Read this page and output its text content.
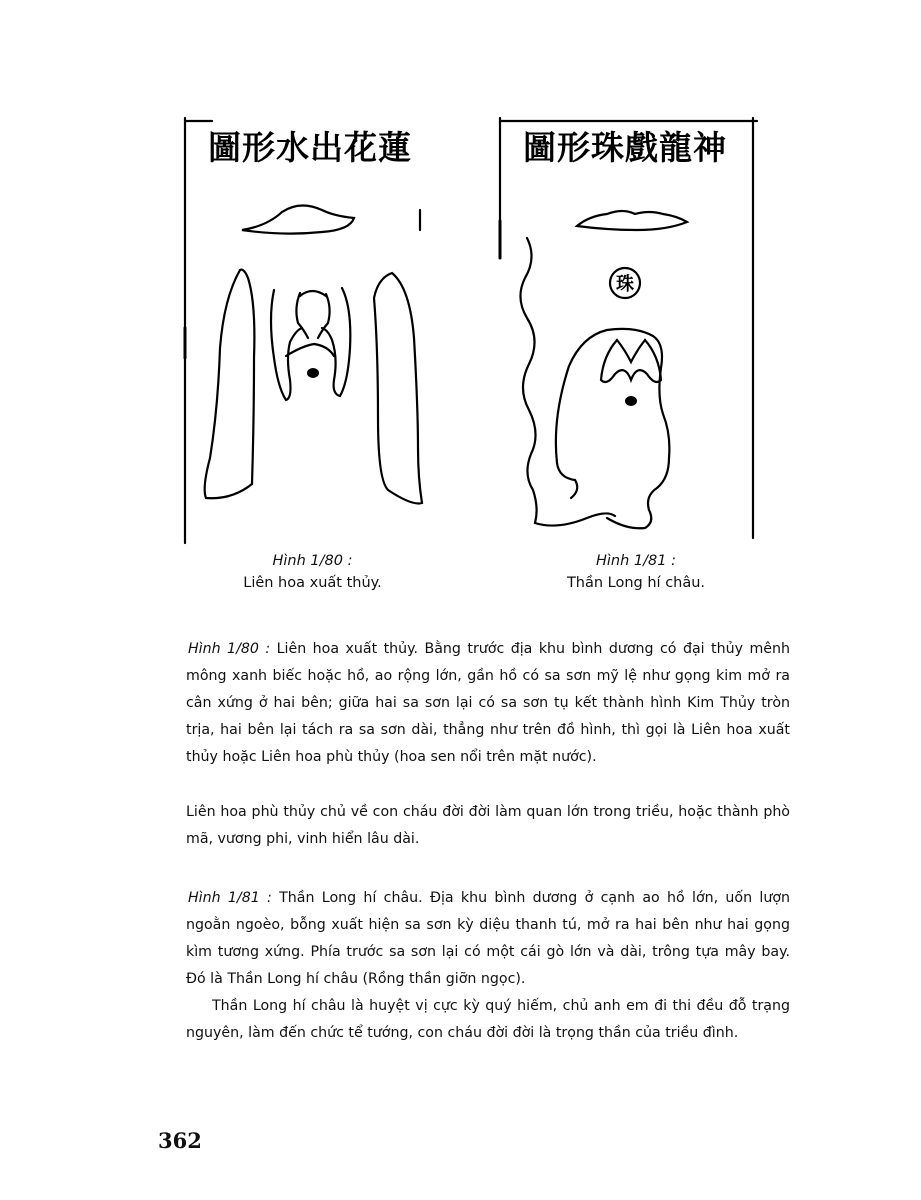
圖形水出花蓮
珠
圖形珠戲龍神
Hình 1/80 :
Liên hoa xuất thủy.
Hình 1/81 :
Thần Long hí châu.

Hình 1/80 : Liên hoa xuất thủy. Bằng trước địa khu bình dương có đại thủy mênh mông xanh biếc hoặc hồ, ao rộng lớn, gần hồ có sa sơn mỹ lệ như gọng kim mở ra cân xứng ở hai bên; giữa hai sa sơn lại có sa sơn tụ kết thành hình Kim Thủy tròn trịa, hai bên lại tách ra sa sơn dài, thẳng như trên đồ hình, thì gọi là Liên hoa xuất thủy hoặc Liên hoa phù thủy (hoa sen nổi trên mặt nước).

Liên hoa phù thủy chủ về con cháu đời đời làm quan lớn trong triều, hoặc thành phò mã, vương phi, vinh hiển lâu dài.

Hình 1/81 : Thần Long hí châu. Địa khu bình dương ở cạnh ao hồ lớn, uốn lượn ngoằn ngoèo, bỗng xuất hiện sa sơn kỳ diệu thanh tú, mở ra hai bên như hai gọng kìm tương xứng. Phía trước sa sơn lại có một cái gò lớn và dài, trông tựa mây bay. Đó là Thần Long hí châu (Rồng thần giỡn ngọc).

Thần Long hí châu là huyệt vị cực kỳ quý hiếm, chủ anh em đi thi đều đỗ trạng nguyên, làm đến chức tể tướng, con cháu đời đời là trọng thần của triều đình.

362
